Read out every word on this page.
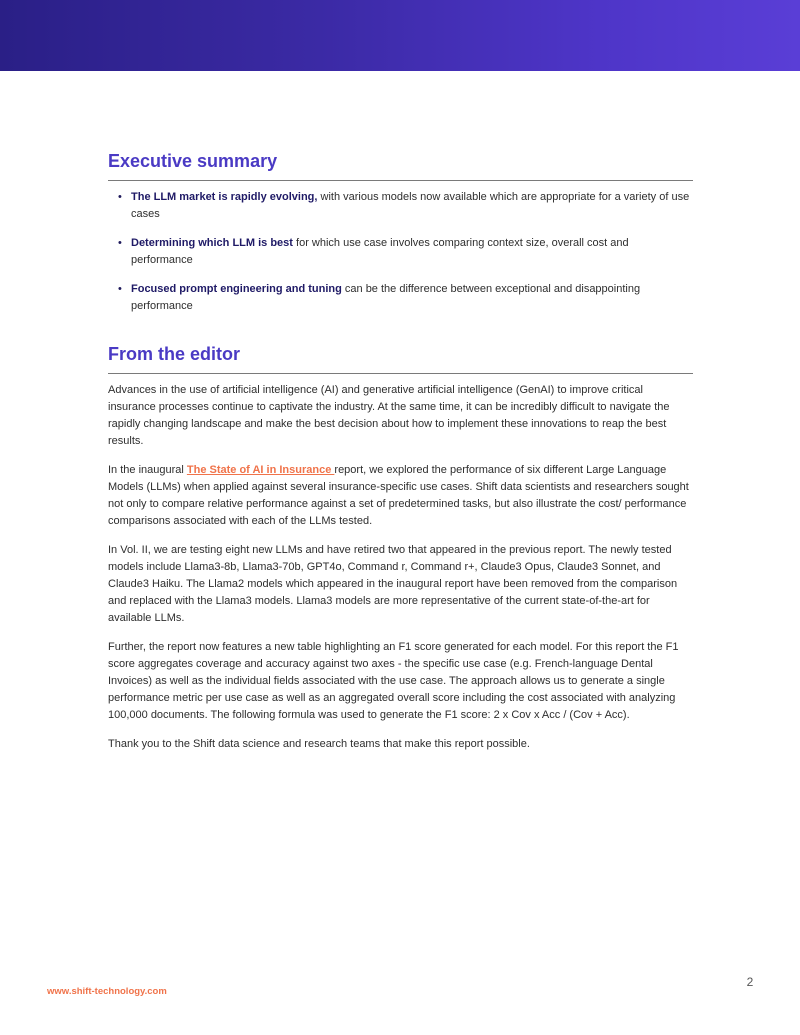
Executive summary
• The LLM market is rapidly evolving, with various models now available which are appropriate for a variety of use cases
• Determining which LLM is best for which use case involves comparing context size, overall cost and performance
• Focused prompt engineering and tuning can be the difference between exceptional and disappointing performance
From the editor

Advances in the use of artificial intelligence (AI) and generative artificial intelligence (GenAI) to improve critical insurance processes continue to captivate the industry. At the same time, it can be incredibly difficult to navigate the rapidly changing landscape and make the best decision about how to implement these innovations to reap the best results.

In the inaugural The State of AI in Insurance report, we explored the performance of six different Large Language Models (LLMs) when applied against several insurance-specific use cases. Shift data scientists and researchers sought not only to compare relative performance against a set of predetermined tasks, but also illustrate the cost/ performance comparisons associated with each of the LLMs tested.

In Vol. II, we are testing eight new LLMs and have retired two that appeared in the previous report. The newly tested models include Llama3-8b, Llama3-70b, GPT4o, Command r, Command r+, Claude3 Opus, Claude3 Sonnet, and Claude3 Haiku. The Llama2 models which appeared in the inaugural report have been removed from the comparison and replaced with the Llama3 models. Llama3 models are more representative of the current state-of-the-art for available LLMs.

Further, the report now features a new table highlighting an F1 score generated for each model. For this report the F1 score aggregates coverage and accuracy against two axes - the specific use case (e.g. French-language Dental Invoices) as well as the individual fields associated with the use case. The approach allows us to generate a single performance metric per use case as well as an aggregated overall score including the cost associated with analyzing 100,000 documents. The following formula was used to generate the F1 score: 2 x Cov x Acc / (Cov + Acc).

Thank you to the Shift data science and research teams that make this report possible.

2
www.shift-technology.com
